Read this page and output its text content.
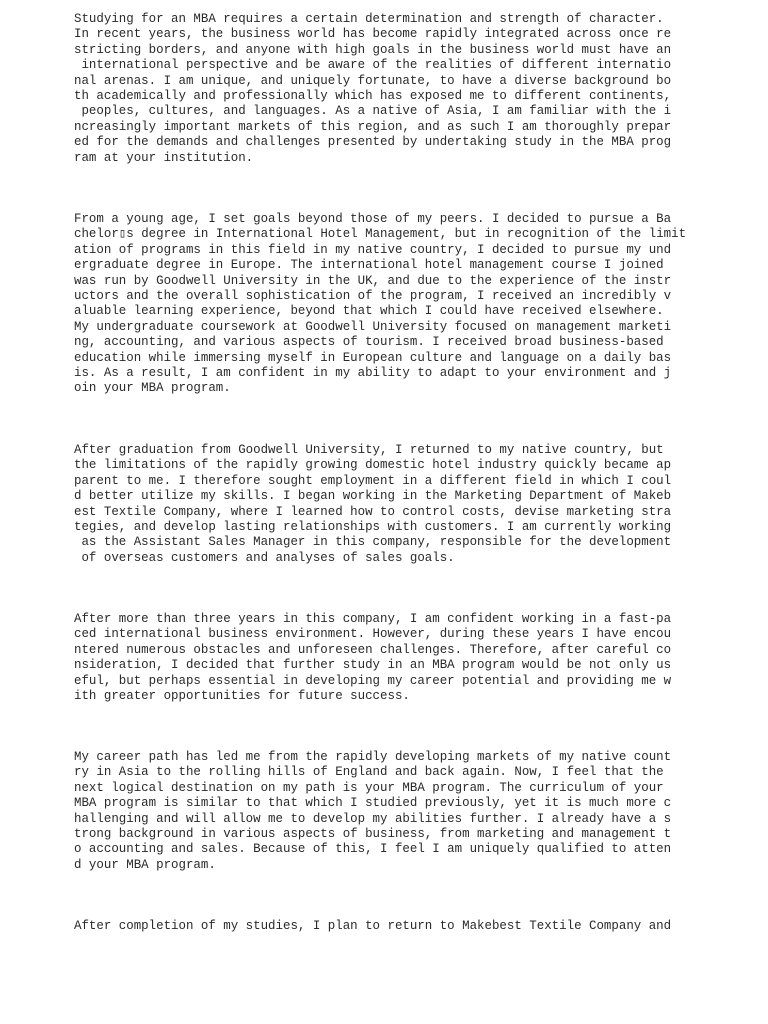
Studying for an MBA requires a certain determination and strength of character.
In recent years, the business world has become rapidly integrated across once re
stricting borders, and anyone with high goals in the business world must have an
international perspective and be aware of the realities of different internatio
nal arenas. I am unique, and uniquely fortunate, to have a diverse background bo
th academically and professionally which has exposed me to different continents,
peoples, cultures, and languages. As a native of Asia, I am familiar with the i
ncreasingly important markets of this region, and as such I am thoroughly prepar
ed for the demands and challenges presented by undertaking study in the MBA prog
ram at your institution.
From a young age, I set goals beyond those of my peers. I decided to pursue a Ba
chelor▯s degree in International Hotel Management, but in recognition of the limit
ation of programs in this field in my native country, I decided to pursue my und
ergraduate degree in Europe. The international hotel management course I joined
was run by Goodwell University in the UK, and due to the experience of the instr
uctors and the overall sophistication of the program, I received an incredibly v
aluable learning experience, beyond that which I could have received elsewhere.
My undergraduate coursework at Goodwell University focused on management marketi
ng, accounting, and various aspects of tourism. I received broad business-based
education while immersing myself in European culture and language on a daily bas
is. As a result, I am confident in my ability to adapt to your environment and j
oin your MBA program.
After graduation from Goodwell University, I returned to my native country, but
the limitations of the rapidly growing domestic hotel industry quickly became ap
parent to me. I therefore sought employment in a different field in which I coul
d better utilize my skills. I began working in the Marketing Department of Makeb
est Textile Company, where I learned how to control costs, devise marketing stra
tegies, and develop lasting relationships with customers. I am currently working
as the Assistant Sales Manager in this company, responsible for the development
of overseas customers and analyses of sales goals.
After more than three years in this company, I am confident working in a fast-pa
ced international business environment. However, during these years I have encou
ntered numerous obstacles and unforeseen challenges. Therefore, after careful co
nsideration, I decided that further study in an MBA program would be not only us
eful, but perhaps essential in developing my career potential and providing me w
ith greater opportunities for future success.
My career path has led me from the rapidly developing markets of my native count
ry in Asia to the rolling hills of England and back again. Now, I feel that the
next logical destination on my path is your MBA program. The curriculum of your
MBA program is similar to that which I studied previously, yet it is much more c
hallenging and will allow me to develop my abilities further. I already have a s
trong background in various aspects of business, from marketing and management t
o accounting and sales. Because of this, I feel I am uniquely qualified to atten
d your MBA program.
After completion of my studies, I plan to return to Makebest Textile Company and
